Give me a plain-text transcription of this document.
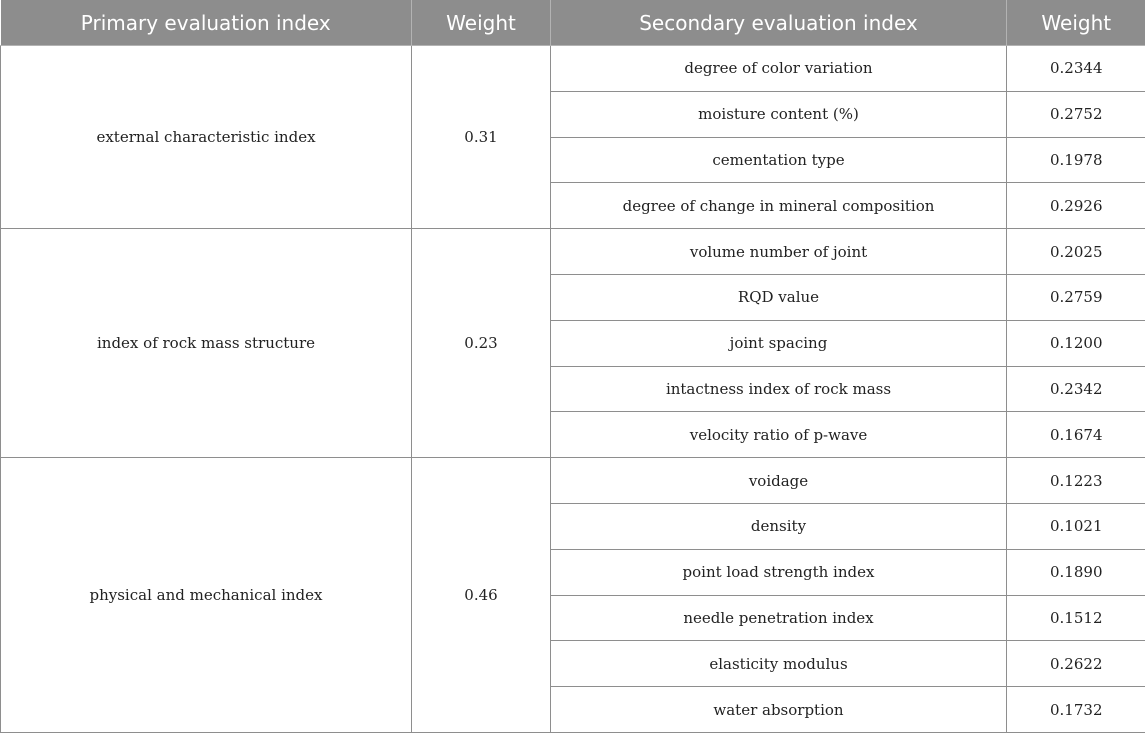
Primary evaluation index	Weight	Secondary evaluation index	Weight
external characteristic index	0.31	degree of color variation	0.2344
		moisture content (%)	0.2752
		cementation type	0.1978
		degree of change in mineral composition	0.2926
index of rock mass structure	0.23	volume number of joint	0.2025
		RQD value	0.2759
		joint spacing	0.1200
		intactness index of rock mass	0.2342
		velocity ratio of p-wave	0.1674
physical and mechanical index	0.46	voidage	0.1223
		density	0.1021
		point load strength index	0.1890
		needle penetration index	0.1512
		elasticity modulus	0.2622
		water absorption	0.1732
